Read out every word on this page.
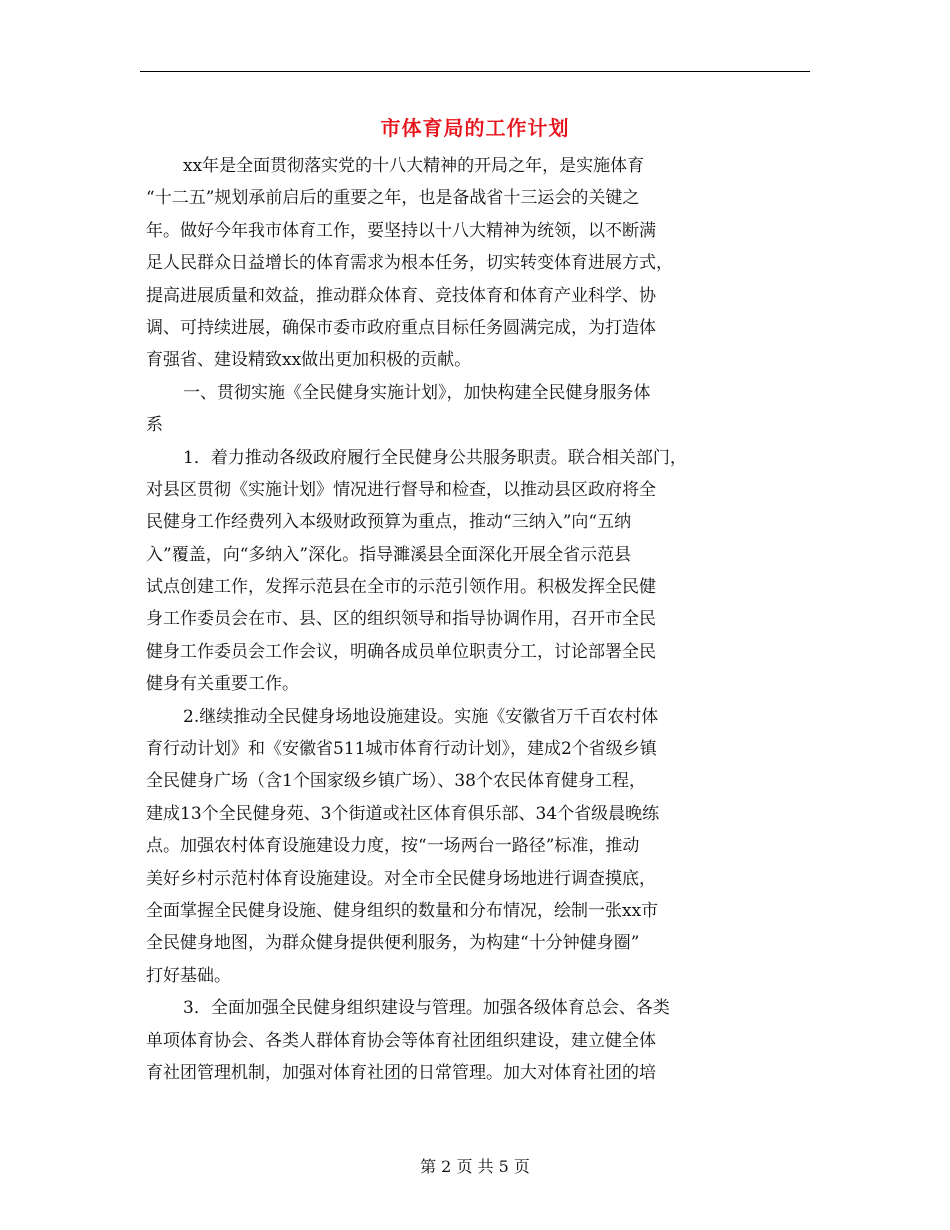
市体育局的工作计划
xx年是全面贯彻落实党的十八大精神的开局之年，是实施体育
“十二五”规划承前启后的重要之年，也是备战省十三运会的关键之
年。做好今年我市体育工作，要坚持以十八大精神为统领，以不断满
足人民群众日益增长的体育需求为根本任务，切实转变体育进展方式，
提高进展质量和效益，推动群众体育、竞技体育和体育产业科学、协
调、可持续进展，确保市委市政府重点目标任务圆满完成，为打造体
育强省、建设精致xx做出更加积极的贡献。
一、贯彻实施《全民健身实施计划》，加快构建全民健身服务体
系
1．着力推动各级政府履行全民健身公共服务职责。联合相关部门，
对县区贯彻《实施计划》情况进行督导和检查，以推动县区政府将全
民健身工作经费列入本级财政预算为重点，推动“三纳入”向“五纳
入”覆盖，向“多纳入”深化。指导濉溪县全面深化开展全省示范县
试点创建工作，发挥示范县在全市的示范引领作用。积极发挥全民健
身工作委员会在市、县、区的组织领导和指导协调作用，召开市全民
健身工作委员会工作会议，明确各成员单位职责分工，讨论部署全民
健身有关重要工作。
2.继续推动全民健身场地设施建设。实施《安徽省万千百农村体
育行动计划》和《安徽省511城市体育行动计划》，建成2个省级乡镇
全民健身广场（含1个国家级乡镇广场）、38个农民体育健身工程，
建成13个全民健身苑、3个街道或社区体育俱乐部、34个省级晨晚练
点。加强农村体育设施建设力度，按“一场两台一路径”标准，推动
美好乡村示范村体育设施建设。对全市全民健身场地进行调查摸底，
全面掌握全民健身设施、健身组织的数量和分布情况，绘制一张xx市
全民健身地图，为群众健身提供便利服务，为构建“十分钟健身圈”
打好基础。
3．全面加强全民健身组织建设与管理。加强各级体育总会、各类
单项体育协会、各类人群体育协会等体育社团组织建设，建立健全体
育社团管理机制，加强对体育社团的日常管理。加大对体育社团的培
第 2 页 共 5 页
